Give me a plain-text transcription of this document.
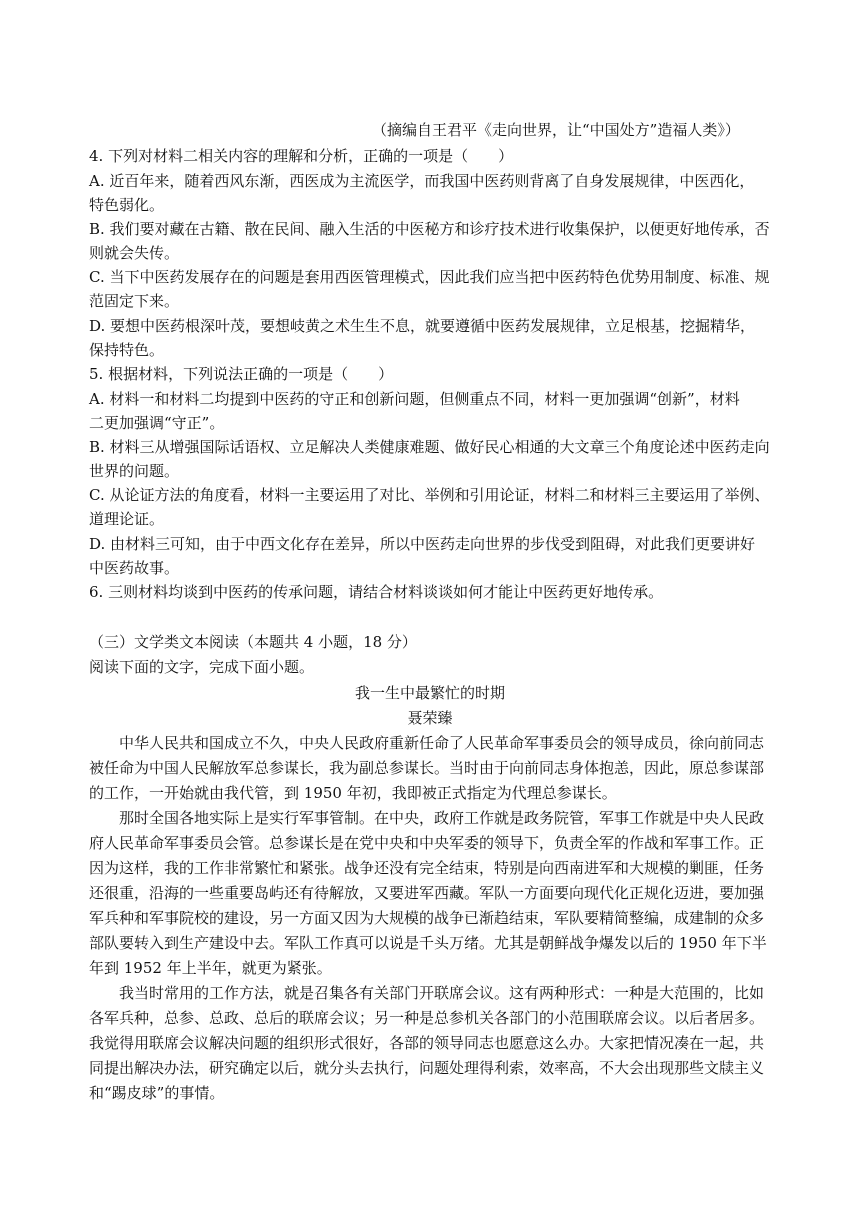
（摘编自王君平《走向世界，让“中国处方”造福人类》）
4. 下列对材料二相关内容的理解和分析，正确的一项是（　　）
A. 近百年来，随着西风东渐，西医成为主流医学，而我国中医药则背离了自身发展规律，中医西化，
特色弱化。
B. 我们要对藏在古籍、散在民间、融入生活的中医秘方和诊疗技术进行收集保护，以便更好地传承，否
则就会失传。
C. 当下中医药发展存在的问题是套用西医管理模式，因此我们应当把中医药特色优势用制度、标准、规
范固定下来。
D. 要想中医药根深叶茂，要想岐黄之术生生不息，就要遵循中医药发展规律，立足根基，挖掘精华，
保持特色。
5. 根据材料，下列说法正确的一项是（　　）
A. 材料一和材料二均提到中医药的守正和创新问题，但侧重点不同，材料一更加强调“创新”，材料
二更加强调“守正”。
B. 材料三从增强国际话语权、立足解决人类健康难题、做好民心相通的大文章三个角度论述中医药走向
世界的问题。
C. 从论证方法的角度看，材料一主要运用了对比、举例和引用论证，材料二和材料三主要运用了举例、
道理论证。
D. 由材料三可知，由于中西文化存在差异，所以中医药走向世界的步伐受到阻碍，对此我们更要讲好
中医药故事。
6. 三则材料均谈到中医药的传承问题，请结合材料谈谈如何才能让中医药更好地传承。
（三）文学类文本阅读（本题共 4 小题，18 分）
阅读下面的文字，完成下面小题。
我一生中最繁忙的时期
聂荣臻
中华人民共和国成立不久，中央人民政府重新任命了人民革命军事委员会的领导成员，徐向前同志
被任命为中国人民解放军总参谋长，我为副总参谋长。当时由于向前同志身体抱恙，因此，原总参谋部
的工作，一开始就由我代管，到 1950 年初，我即被正式指定为代理总参谋长。
那时全国各地实际上是实行军事管制。在中央，政府工作就是政务院管，军事工作就是中央人民政
府人民革命军事委员会管。总参谋长是在党中央和中央军委的领导下，负责全军的作战和军事工作。正
因为这样，我的工作非常繁忙和紧张。战争还没有完全结束，特别是向西南进军和大规模的剿匪，任务
还很重，沿海的一些重要岛屿还有待解放，又要进军西藏。军队一方面要向现代化正规化迈进，要加强
军兵种和军事院校的建设，另一方面又因为大规模的战争已渐趋结束，军队要精简整编，成建制的众多
部队要转入到生产建设中去。军队工作真可以说是千头万绪。尤其是朝鲜战争爆发以后的 1950 年下半
年到 1952 年上半年，就更为紧张。
我当时常用的工作方法，就是召集各有关部门开联席会议。这有两种形式：一种是大范围的，比如
各军兵种，总参、总政、总后的联席会议；另一种是总参机关各部门的小范围联席会议。以后者居多。
我觉得用联席会议解决问题的组织形式很好，各部的领导同志也愿意这么办。大家把情况凑在一起，共
同提出解决办法，研究确定以后，就分头去执行，问题处理得利索，效率高，不大会出现那些文牍主义
和“踢皮球”的事情。
